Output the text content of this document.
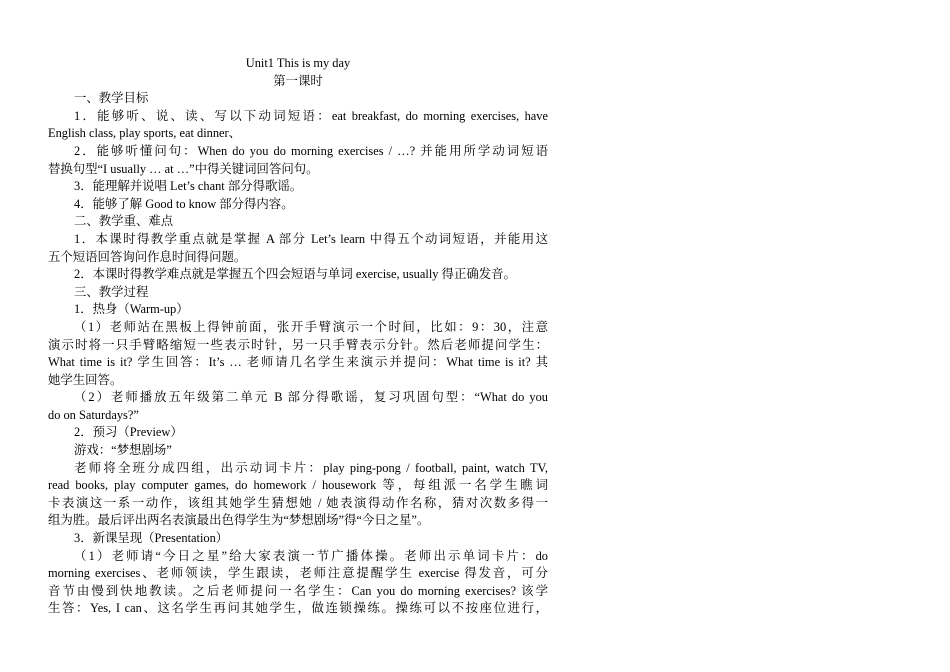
Unit1 This is my day

第一课时

一、教学目标

1．能够听、说、读、写以下动词短语：eat breakfast, do morning exercises, have

English class, play sports, eat dinner、

2．能够听懂问句：When do you do morning exercises / …? 并能用所学动词短语

替换句型“I usually … at …”中得关键词回答问句。

3．能理解并说唱 Let’s chant 部分得歌谣。

4．能够了解 Good to know 部分得内容。

二、教学重、难点

1．本课时得教学重点就是掌握 A 部分 Let’s learn 中得五个动词短语，并能用这

五个短语回答询问作息时间得问题。

2．本课时得教学难点就是掌握五个四会短语与单词 exercise, usually 得正确发音。

三、教学过程

1．热身（Warm-up）

（1）老师站在黑板上得钟前面，张开手臂演示一个时间，比如：9：30，注意

演示时将一只手臂略缩短一些表示时针，另一只手臂表示分针。然后老师提问学生：

What time is it? 学生回答：It’s … 老师请几名学生来演示并提问：What time is it? 其

她学生回答。

（2）老师播放五年级第二单元 B 部分得歌谣，复习巩固句型：“What do you

do on Saturdays?”

2．预习（Preview）

游戏：“梦想剧场”

老师将全班分成四组，出示动词卡片：play ping-pong / football, paint, watch TV,

read books, play computer games, do homework / housework 等，每组派一名学生瞧词

卡表演这一系一动作，该组其她学生猜想她 / 她表演得动作名称，猜对次数多得一

组为胜。最后评出两名表演最出色得学生为“梦想剧场”得“今日之星”。

3．新课呈现（Presentation）

（1）老师请“今日之星”给大家表演一节广播体操。老师出示单词卡片：do

morning exercises、老师领读，学生跟读，老师注意提醒学生 exercise 得发音，可分

音节由慢到快地教读。之后老师提问一名学生：Can you do morning exercises? 该学

生答：Yes, I can、这名学生再问其她学生，做连锁操练。操练可以不按座位进行，
